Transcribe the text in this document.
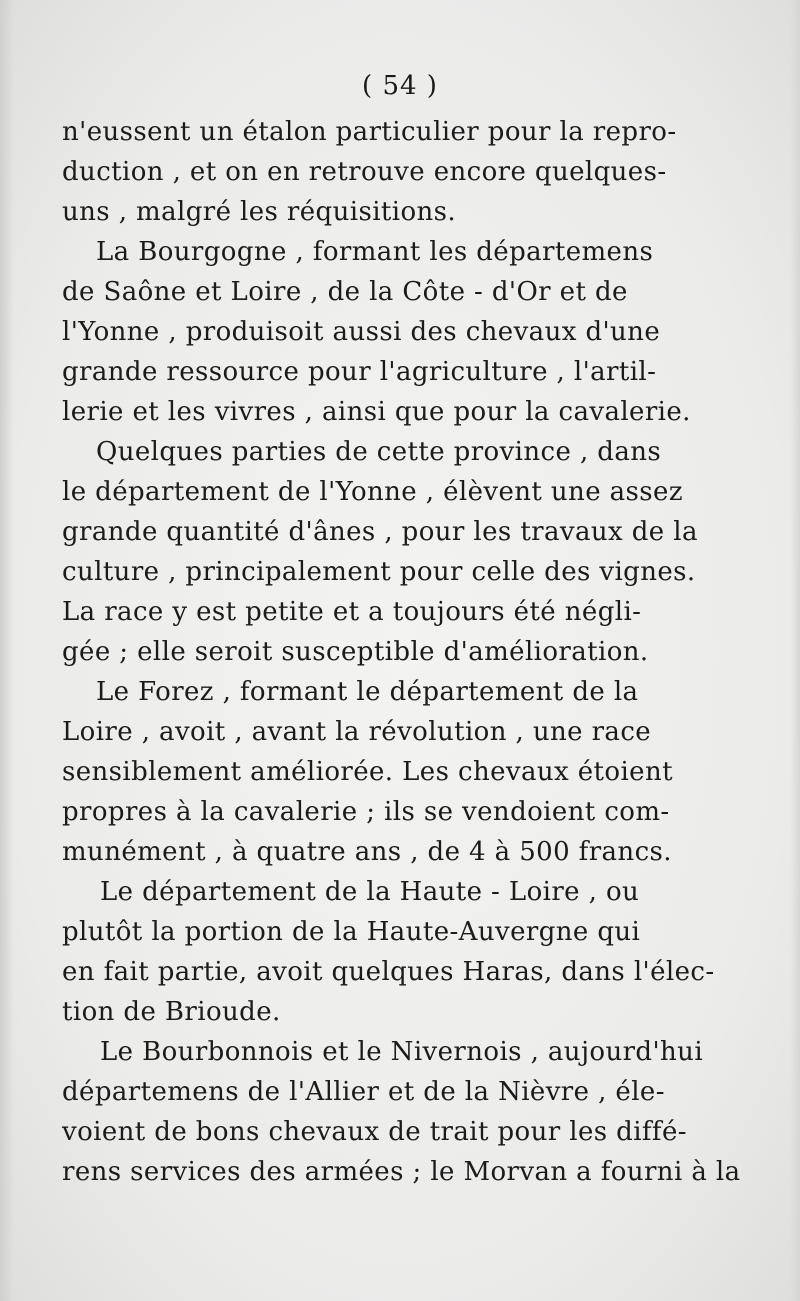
( 54 )
n'eussent un étalon particulier pour la repro-
duction , et on en retrouve encore quelques-
uns , malgré les réquisitions.
La Bourgogne , formant les départemens
de Saône et Loire , de la Côte - d'Or et de
l'Yonne , produisoit aussi des chevaux d'une
grande ressource pour l'agriculture , l'artil-
lerie et les vivres , ainsi que pour la cavalerie.
Quelques parties de cette province , dans
le département de l'Yonne , élèvent une assez
grande quantité d'ânes , pour les travaux de la
culture , principalement pour celle des vignes.
La race y est petite et a toujours été négli-
gée ; elle seroit susceptible d'amélioration.
Le Forez , formant le département de la
Loire , avoit , avant la révolution , une race
sensiblement améliorée. Les chevaux étoient
propres à la cavalerie ; ils se vendoient com-
munément , à quatre ans , de 4 à 500 francs.
Le département de la Haute - Loire , ou
plutôt la portion de la Haute-Auvergne qui
en fait partie, avoit quelques Haras, dans l'élec-
tion de Brioude.
Le Bourbonnois et le Nivernois , aujourd'hui
départemens de l'Allier et de la Nièvre , éle-
voient de bons chevaux de trait pour les diffé-
rens services des armées ; le Morvan a fourni à la
